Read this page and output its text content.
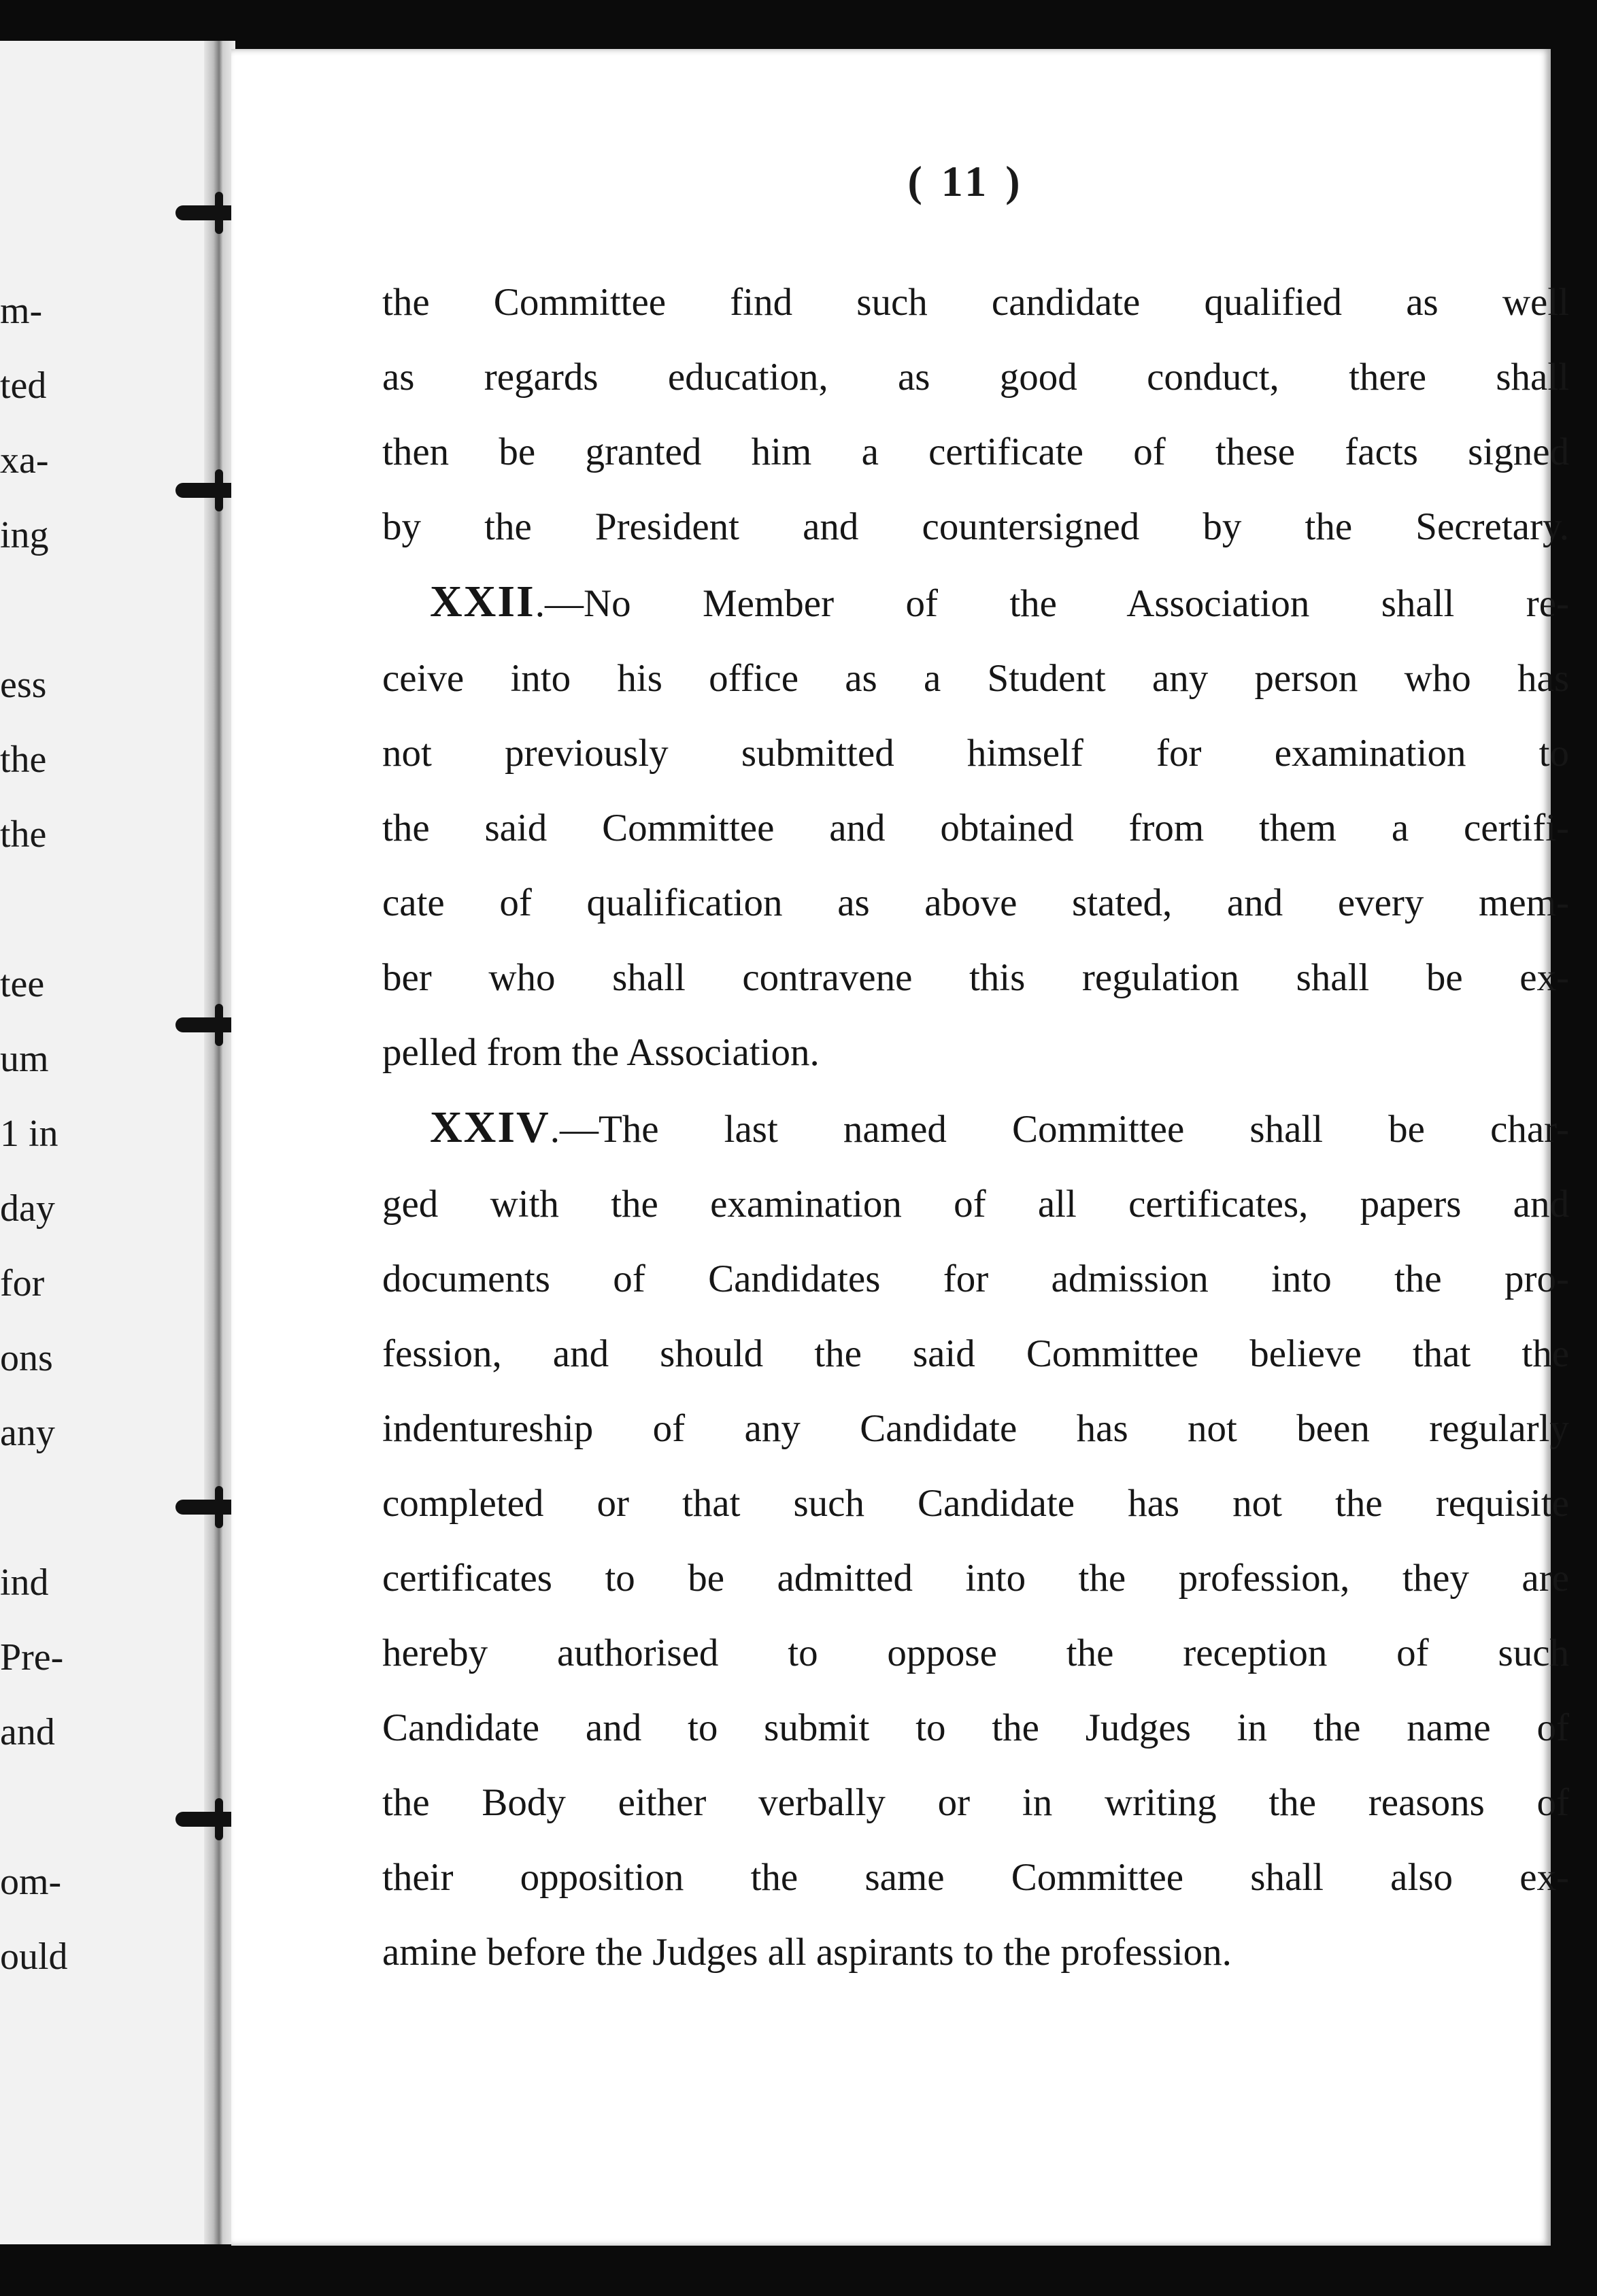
m-
ted
xa-
ing
ess
the
the
tee
um
1 in
day
for
ons
any
ind
Pre-
and
om-
ould
( 11 )
the Committee find such candidate qualified as well
as regards education, as good conduct, there shall
then be granted him a certificate of these facts signed
by the President and countersigned by the Secretary.
XXII.—No Member of the Association shall re-
ceive into his office as a Student any person who has
not previously submitted himself for examination to
the said Committee and obtained from them a certifi-
cate of qualification as above stated, and every mem-
ber who shall contravene this regulation shall be ex-
pelled from the Association.
XXIV.—The last named Committee shall be char-
ged with the examination of all certificates, papers and
documents of Candidates for admission into the pro-
fession, and should the said Committee believe that the
indentureship of any Candidate has not been regularly
completed or that such Candidate has not the requisite
certificates to be admitted into the profession, they are
hereby authorised to oppose the reception of such
Candidate and to submit to the Judges in the name of
the Body either verbally or in writing the reasons of
their opposition the same Committee shall also ex-
amine before the Judges all aspirants to the profession.
